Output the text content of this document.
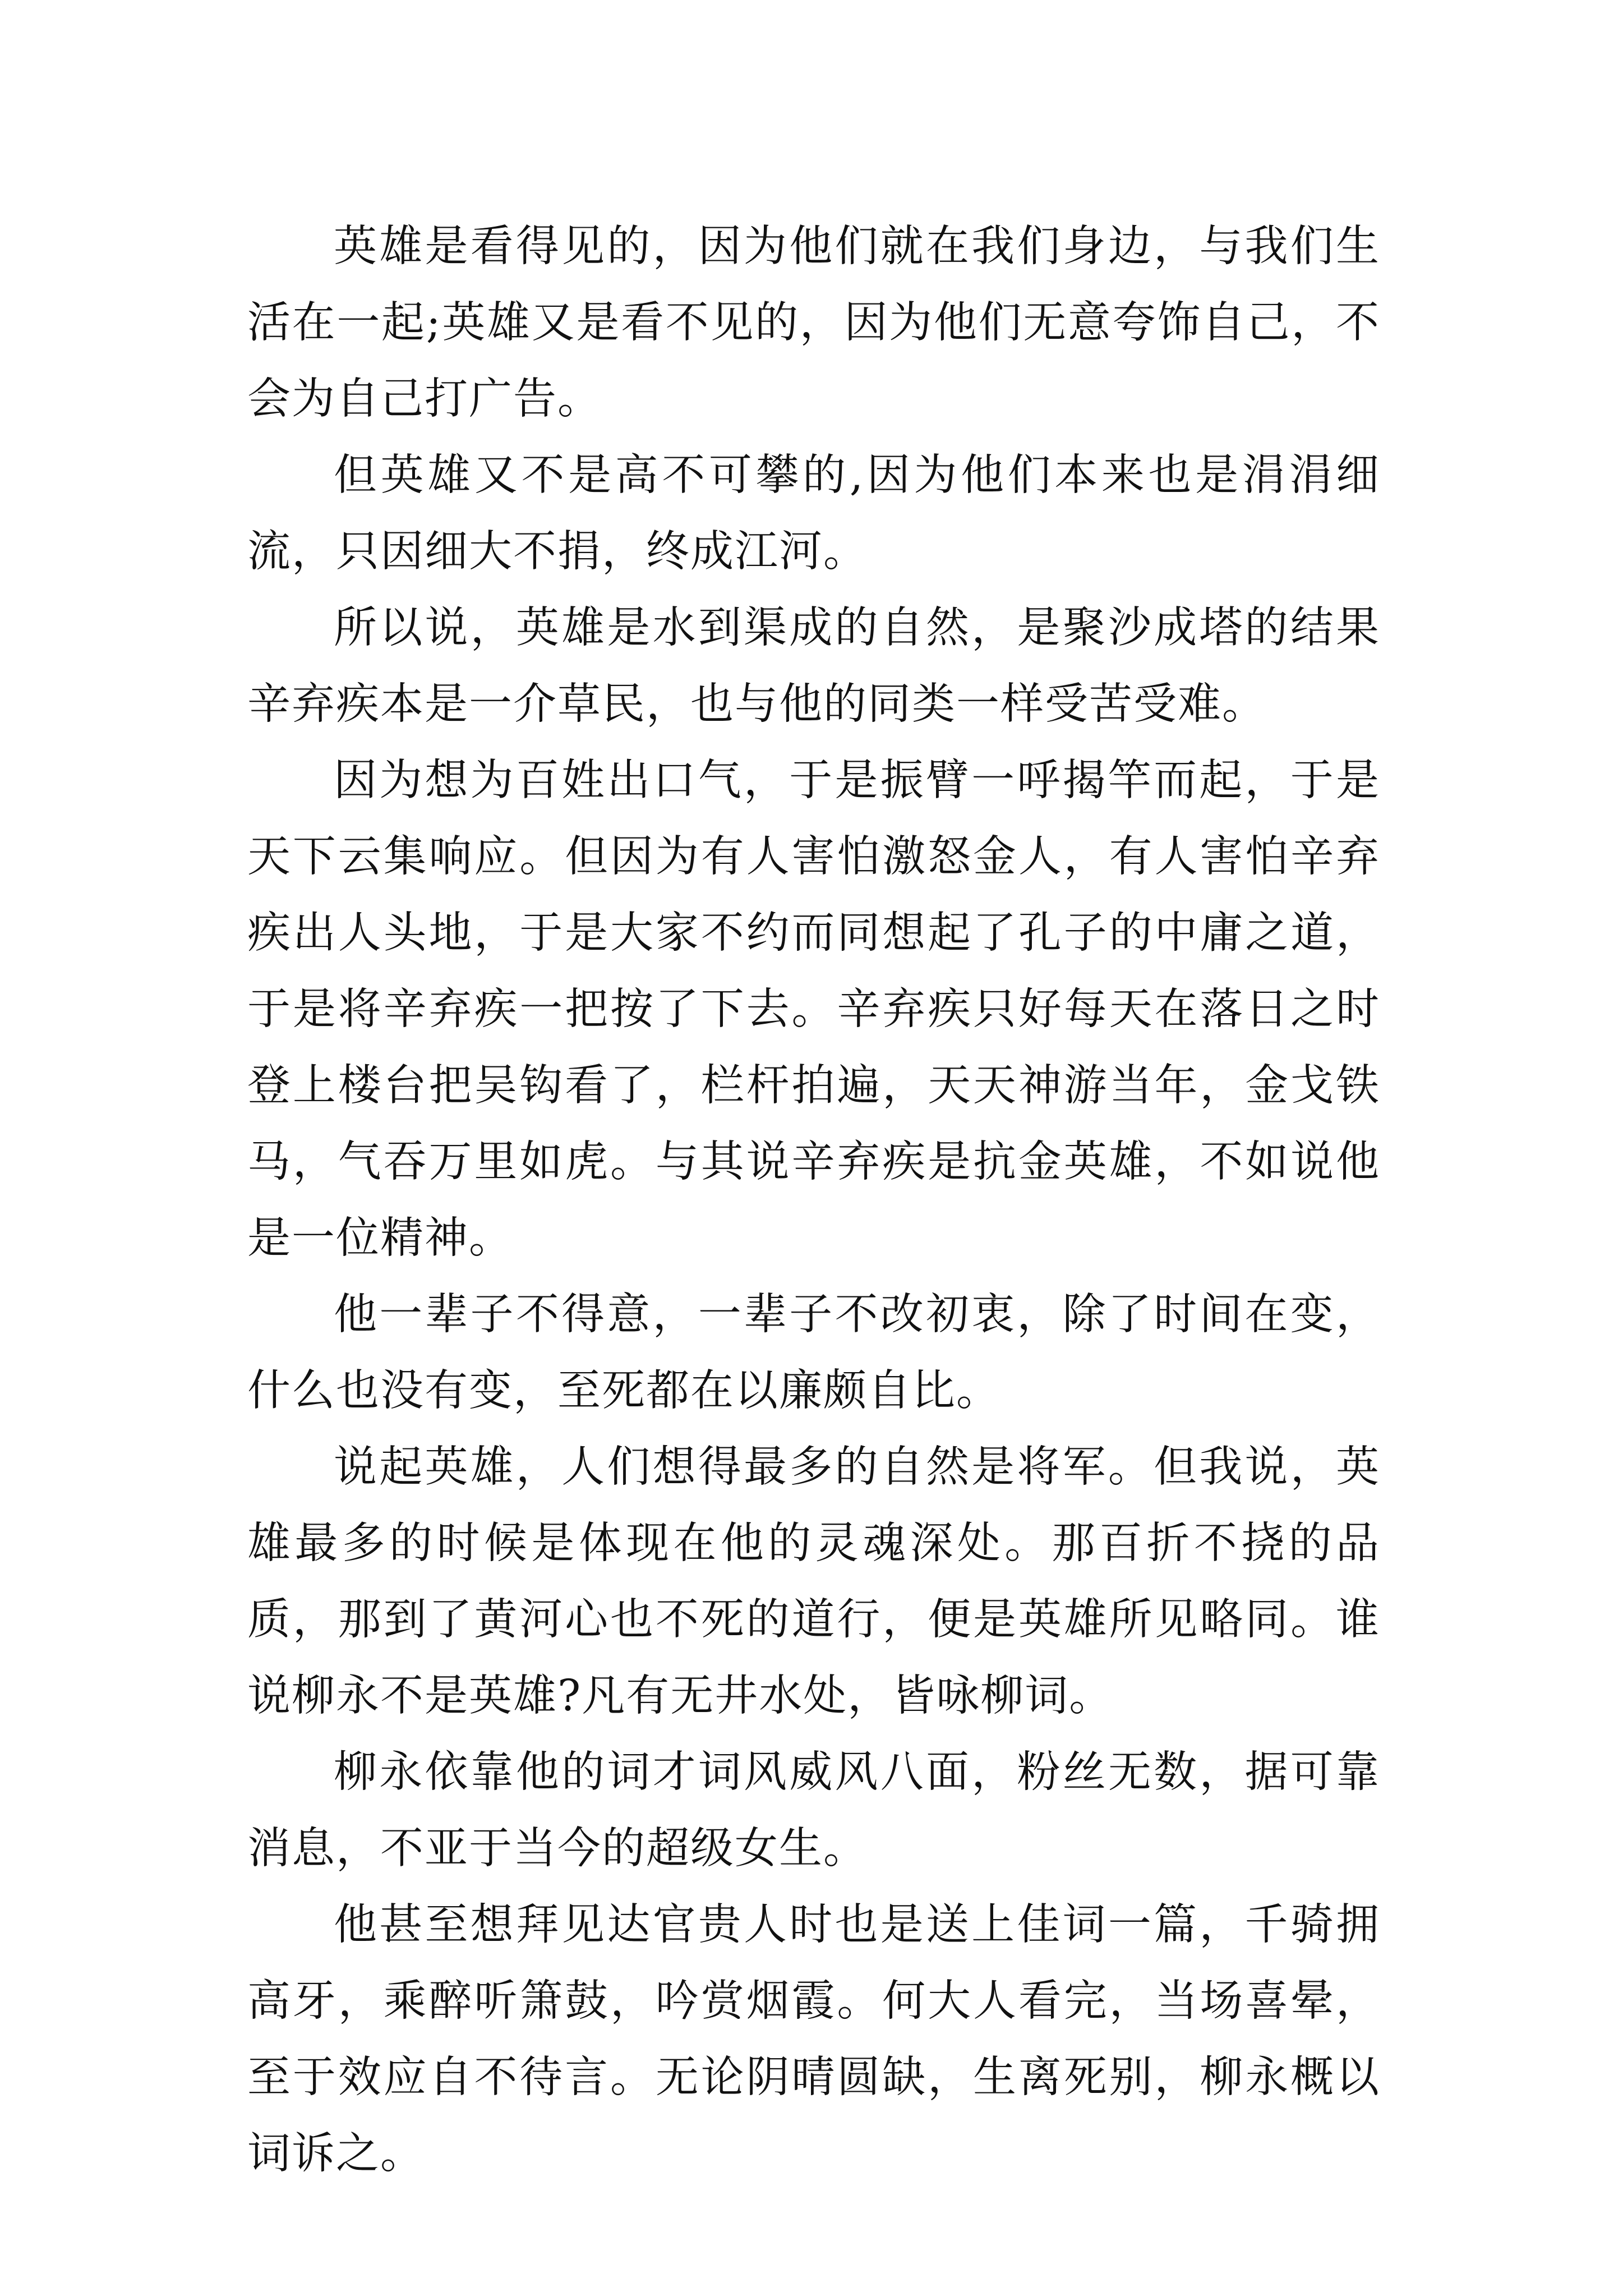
英雄是看得见的，因为他们就在我们身边，与我们生活在一起;英雄又是看不见的，因为他们无意夸饰自己，不会为自己打广告。

但英雄又不是高不可攀的,因为他们本来也是涓涓细流，只因细大不捐，终成江河。

所以说，英雄是水到渠成的自然，是聚沙成塔的结果辛弃疾本是一介草民，也与他的同类一样受苦受难。

因为想为百姓出口气，于是振臂一呼揭竿而起，于是天下云集响应。但因为有人害怕激怒金人，有人害怕辛弃疾出人头地，于是大家不约而同想起了孔子的中庸之道，于是将辛弃疾一把按了下去。辛弃疾只好每天在落日之时登上楼台把吴钩看了，栏杆拍遍，天天神游当年，金戈铁马，气吞万里如虎。与其说辛弃疾是抗金英雄，不如说他是一位精神。

他一辈子不得意，一辈子不改初衷，除了时间在变，什么也没有变，至死都在以廉颇自比。

说起英雄，人们想得最多的自然是将军。但我说，英雄最多的时候是体现在他的灵魂深处。那百折不挠的品质，那到了黄河心也不死的道行，便是英雄所见略同。谁说柳永不是英雄?凡有无井水处，皆咏柳词。

柳永依靠他的词才词风威风八面，粉丝无数，据可靠消息，不亚于当今的超级女生。

他甚至想拜见达官贵人时也是送上佳词一篇，千骑拥高牙，乘醉听箫鼓，吟赏烟霞。何大人看完，当场喜晕，至于效应自不待言。无论阴晴圆缺，生离死别，柳永概以词诉之。
